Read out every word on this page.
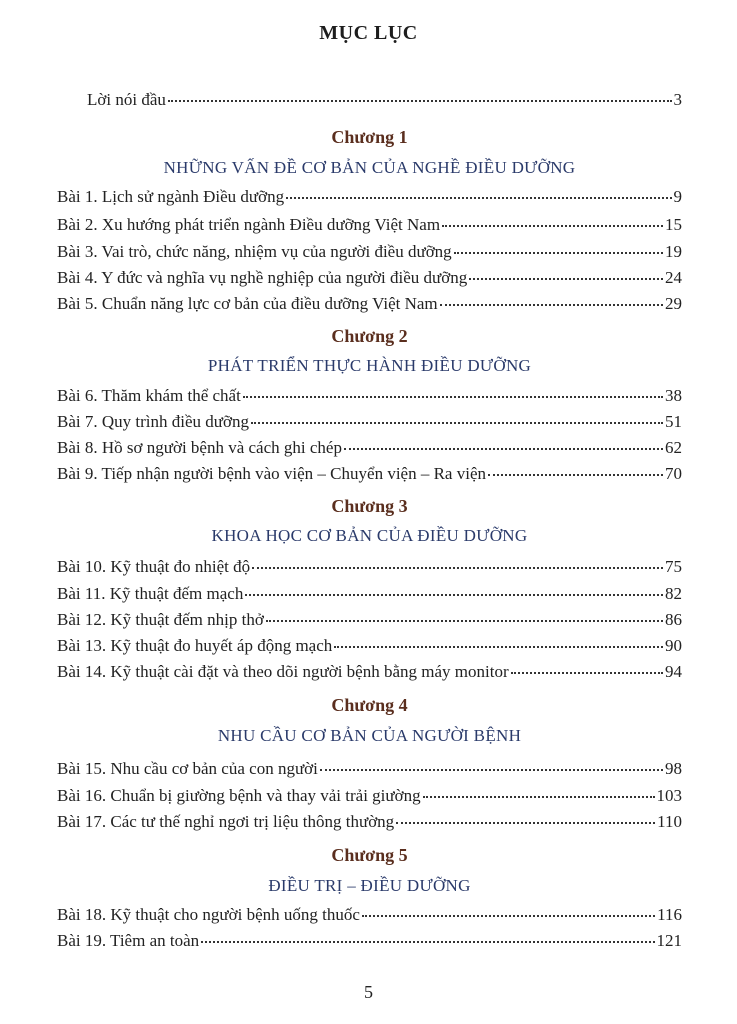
MỤC LỤC
Lời nói đầu	3
Chương 1
NHỮNG VẤN ĐỀ CƠ BẢN CỦA NGHỀ ĐIỀU DƯỠNG
Bài 1. Lịch sử ngành Điều dưỡng	9
Bài 2. Xu hướng phát triển ngành Điều dưỡng Việt Nam	15
Bài 3. Vai trò, chức năng, nhiệm vụ của người điều dưỡng	19
Bài 4. Y đức và nghĩa vụ nghề nghiệp của người điều dưỡng	24
Bài 5. Chuẩn năng lực cơ bản của điều dưỡng Việt Nam	29
Chương 2
PHÁT TRIỂN THỰC HÀNH ĐIỀU DƯỠNG
Bài 6. Thăm khám thể chất	38
Bài 7. Quy trình điều dưỡng	51
Bài 8. Hồ sơ người bệnh và cách ghi chép	62
Bài 9. Tiếp nhận người bệnh vào viện – Chuyển viện – Ra viện	70
Chương 3
KHOA HỌC CƠ BẢN CỦA ĐIỀU DƯỠNG
Bài 10. Kỹ thuật đo nhiệt độ	75
Bài 11. Kỹ thuật đếm mạch	82
Bài 12. Kỹ thuật đếm nhịp thở	86
Bài 13. Kỹ thuật đo huyết áp động mạch	90
Bài 14. Kỹ thuật cài đặt và theo dõi người bệnh bằng máy monitor	94
Chương 4
NHU CẦU CƠ BẢN CỦA NGƯỜI BỆNH
Bài 15. Nhu cầu cơ bản của con người	98
Bài 16. Chuẩn bị giường bệnh và thay vải trải giường	103
Bài 17. Các tư thế nghỉ ngơi trị liệu thông thường	110
Chương 5
ĐIỀU TRỊ – ĐIỀU DƯỠNG
Bài 18. Kỹ thuật cho người bệnh uống thuốc	116
Bài 19. Tiêm an toàn	121
5
